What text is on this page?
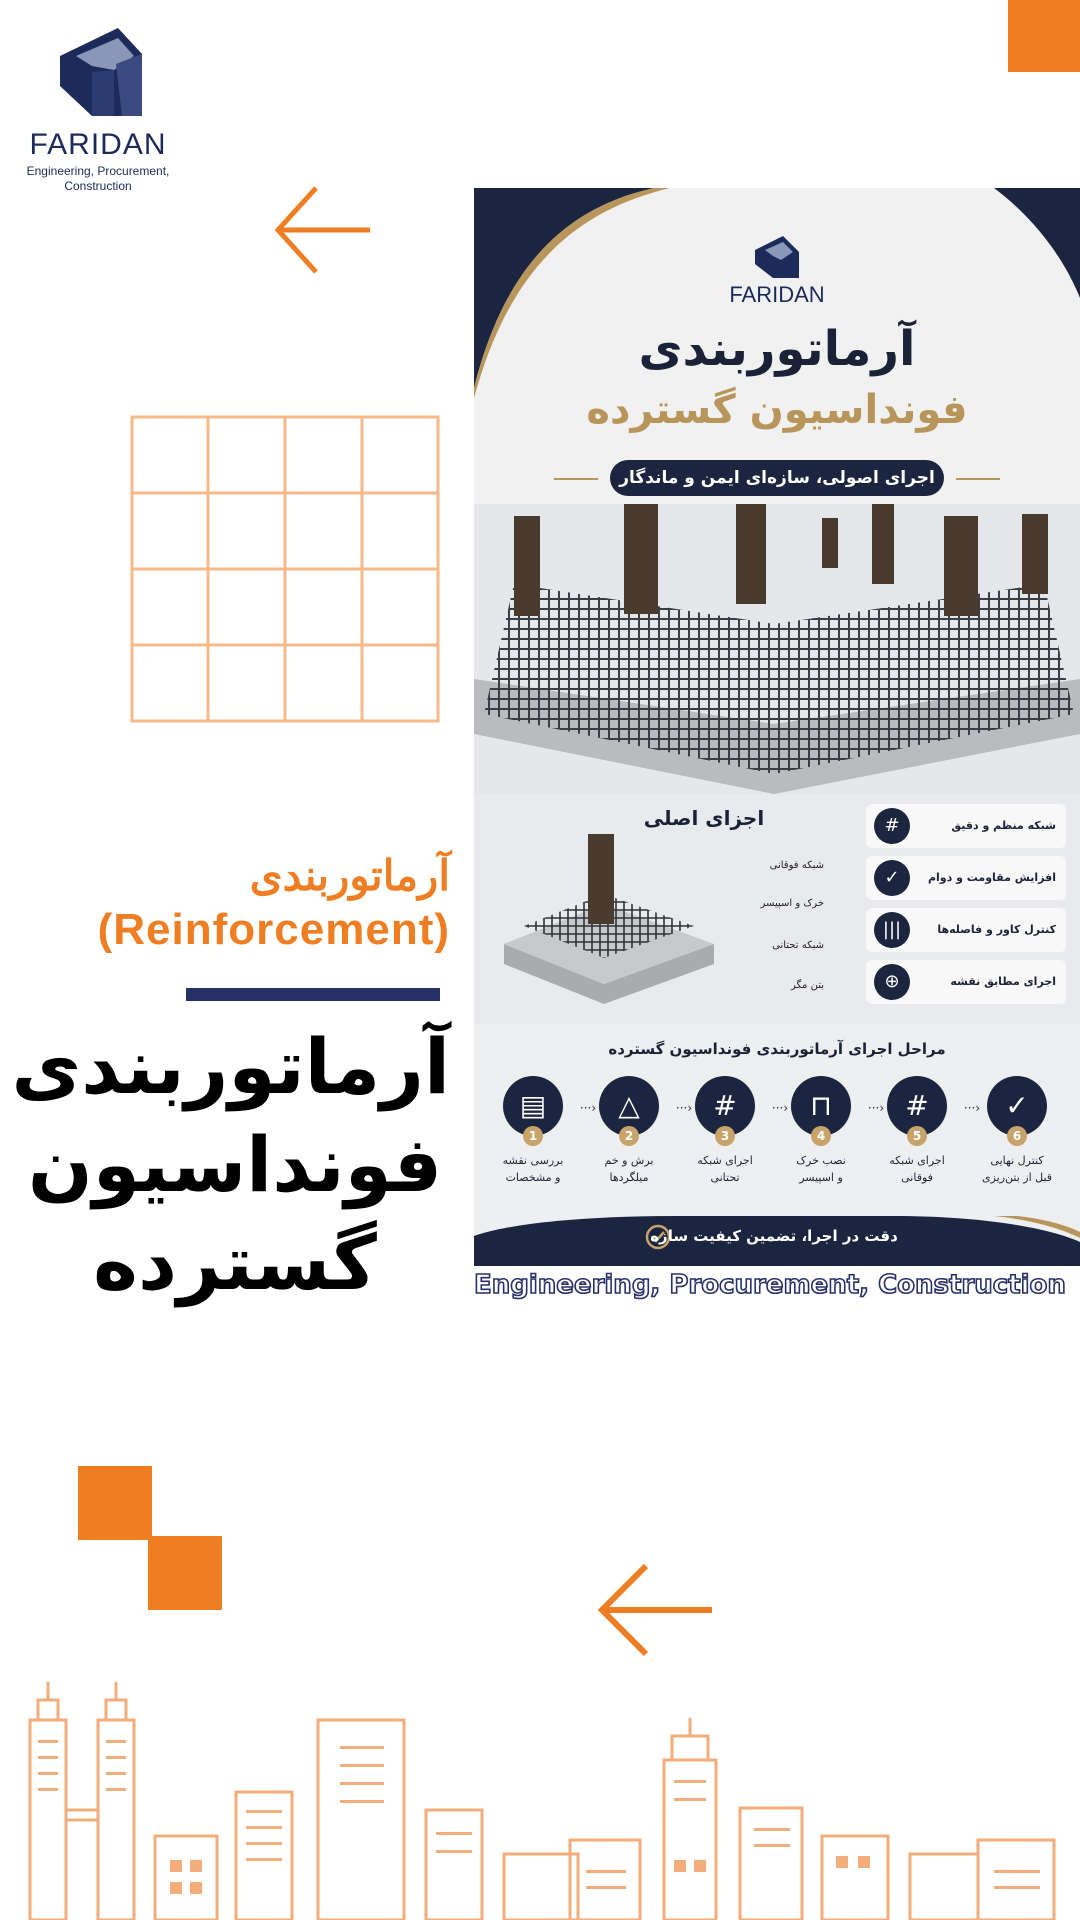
FARIDAN
Engineering, Procurement,
Construction
آرماتوربندی
(Reinforcement)
آرماتوربندی فونداسیون گسترده
FARIDAN
آرماتوربندی
فونداسیون گسترده
اجرای اصولی، سازه‌ای ایمن و ماندگار
اجزای اصلی
شبکه فوقانی
خرک و اسپیسر
شبکه تحتانی
بتن مگر
#	شبکه منظم و دقیق
✓	افزایش مقاومت و دوام
|||	کنترل کاور و فاصله‌ها
⊕	اجرای مطابق نقشه
مراحل اجرای آرماتوربندی فونداسیون گسترده
▤
1
بررسی نقشه
و مشخصات
···› △
2
برش و خم
میلگردها
···› #
3
اجرای شبکه
تحتانی
···› ⊓
4
نصب خرک
و اسپیسر
···› #
5
اجرای شبکه
فوقانی
···› ✓
6
کنترل نهایی
قبل از بتن‌ریزی
دقت در اجرا، تضمین کیفیت سازه
Engineering, Procurement, Construction
